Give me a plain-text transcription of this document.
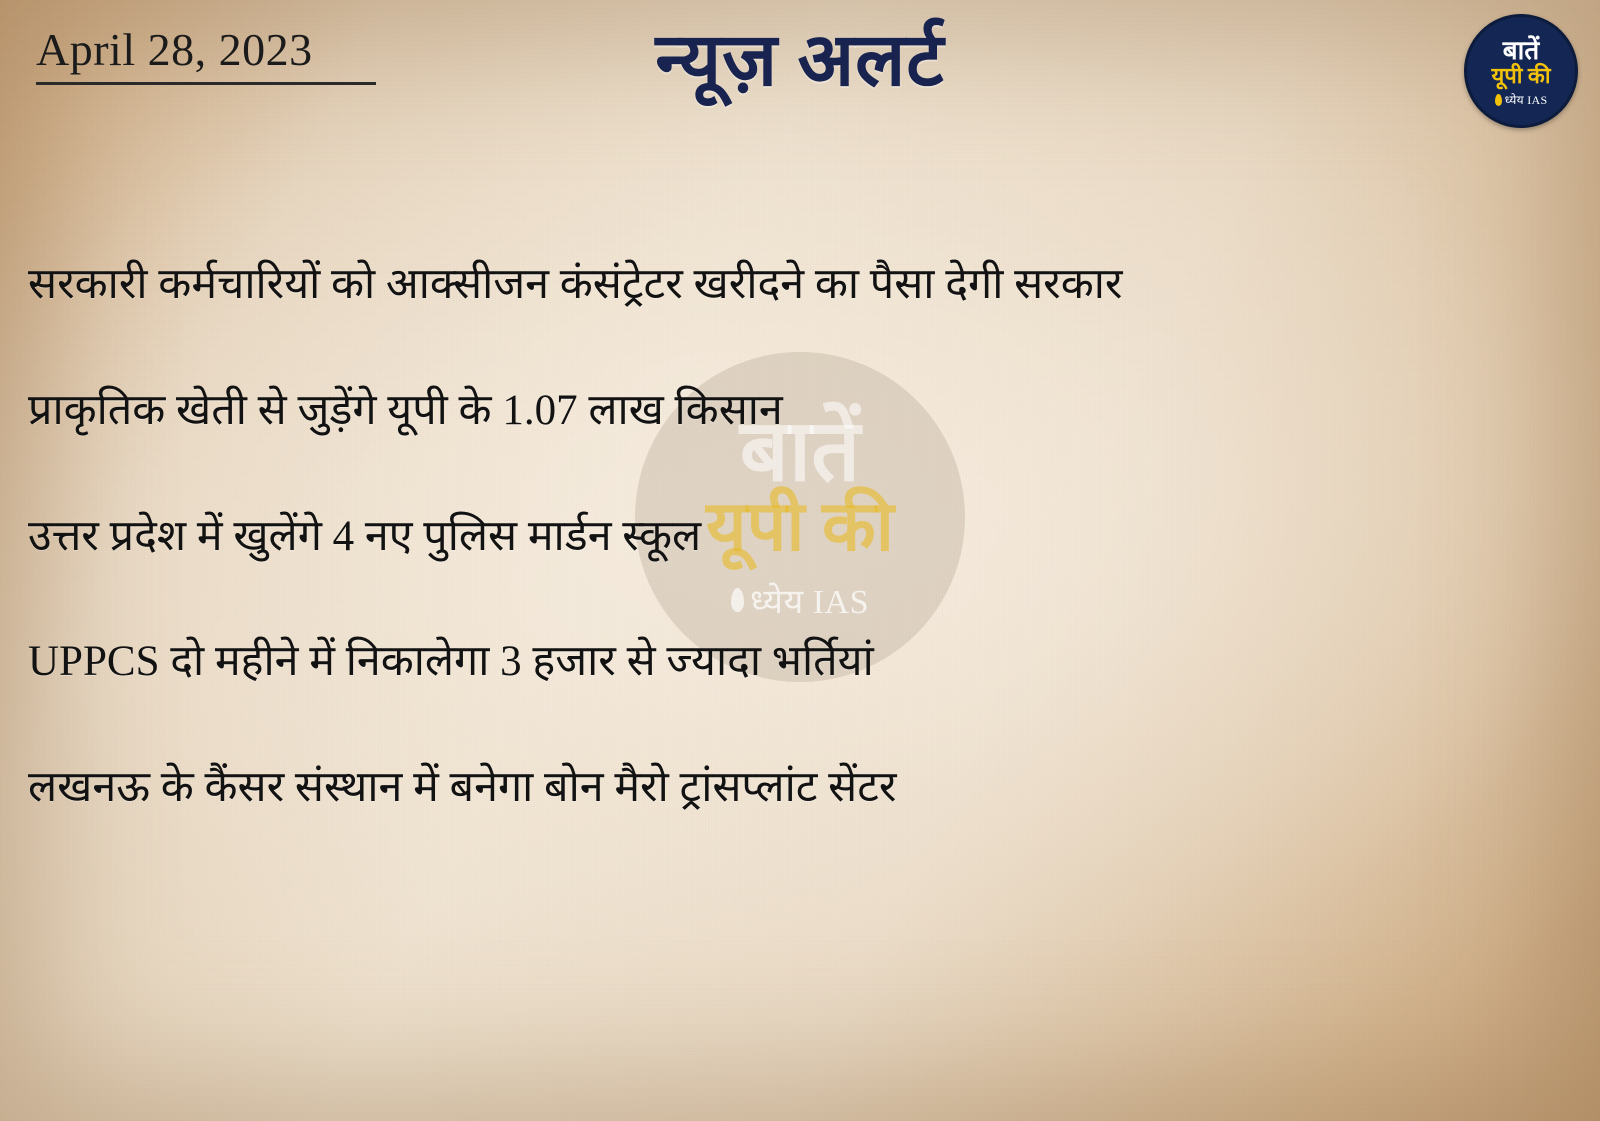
April 28, 2023	न्यूज़ अलर्ट	बातें
यूपी की
ध्येय IAS
बातें
यूपी की
ध्येय IAS
सरकारी कर्मचारियों को आक्सीजन कंसंट्रेटर खरीदने का पैसा देगी सरकार
प्राकृतिक खेती से जुड़ेंगे यूपी के 1.07 लाख किसान
उत्तर प्रदेश में खुलेंगे 4 नए पुलिस मार्डन स्कूल
UPPCS दो महीने में निकालेगा 3 हजार से ज्यादा भर्तियां
लखनऊ के कैंसर संस्थान में बनेगा बोन मैरो ट्रांसप्लांट सेंटर
